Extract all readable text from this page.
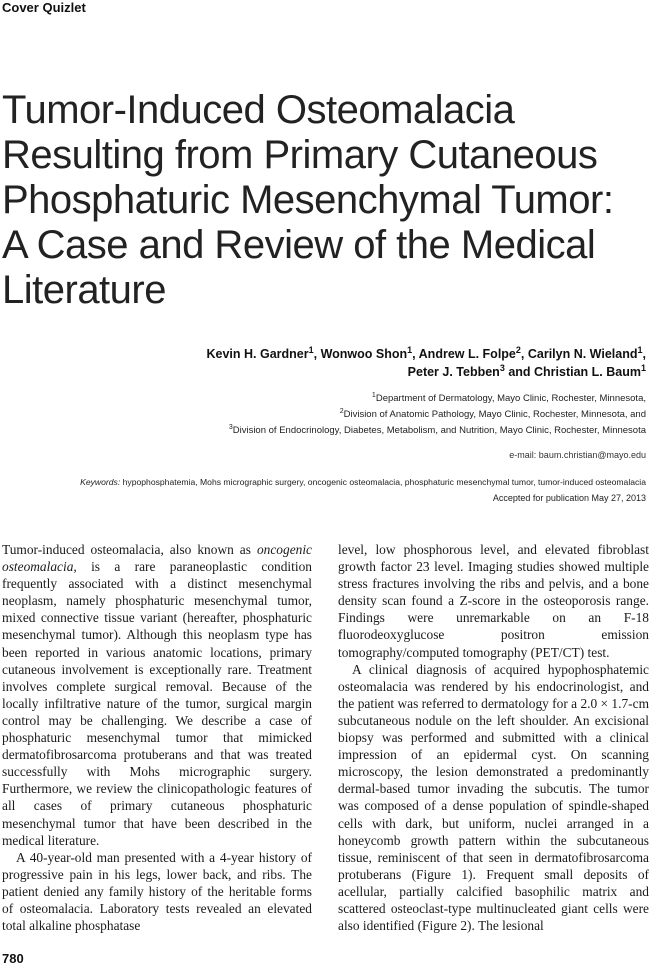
Cover Quizlet
Tumor-Induced Osteomalacia Resulting from Primary Cutaneous Phosphaturic Mesenchymal Tumor: A Case and Review of the Medical Literature
Kevin H. Gardner$^1$, Wonwoo Shon$^1$, Andrew L. Folpe$^2$, Carilyn N. Wieland$^1$,
Peter J. Tebben$^3$ and Christian L. Baum$^1$
$^1$Department of Dermatology, Mayo Clinic, Rochester, Minnesota,
$^2$Division of Anatomic Pathology, Mayo Clinic, Rochester, Minnesota, and
$^3$Division of Endocrinology, Diabetes, Metabolism, and Nutrition, Mayo Clinic, Rochester, Minnesota
e-mail: baum.christian@mayo.edu
Keywords: hypophosphatemia, Mohs micrographic surgery, oncogenic osteomalacia, phosphaturic mesenchymal tumor, tumor-induced osteomalacia
Accepted for publication May 27, 2013

Tumor-induced osteomalacia, also known as oncogenic osteomalacia, is a rare paraneoplastic condition frequently associated with a distinct mesenchymal neoplasm, namely phosphaturic mesenchymal tumor, mixed connective tissue variant (hereafter, phosphaturic mesenchymal tumor). Although this neoplasm type has been reported in various anatomic locations, primary cutaneous involvement is exceptionally rare. Treatment involves complete surgical removal. Because of the locally infiltrative nature of the tumor, surgical margin control may be challenging. We describe a case of phosphaturic mesenchymal tumor that mimicked dermatofibrosarcoma protuberans and that was treated successfully with Mohs micrographic surgery. Furthermore, we review the clinicopathologic features of all cases of primary cutaneous phosphaturic mesenchymal tumor that have been described in the medical literature.

A 40-year-old man presented with a 4-year history of progressive pain in his legs, lower back, and ribs. The patient denied any family history of the heritable forms of osteomalacia. Laboratory tests revealed an elevated total alkaline phosphatase

level, low phosphorous level, and elevated fibroblast growth factor 23 level. Imaging studies showed multiple stress fractures involving the ribs and pelvis, and a bone density scan found a Z-score in the osteoporosis range. Findings were unremarkable on an F-18 fluorodeoxyglucose positron emission tomography/computed tomography (PET/CT) test.

A clinical diagnosis of acquired hypophosphatemic osteomalacia was rendered by his endocrinologist, and the patient was referred to dermatology for a 2.0 × 1.7-cm subcutaneous nodule on the left shoulder. An excisional biopsy was performed and submitted with a clinical impression of an epidermal cyst. On scanning microscopy, the lesion demonstrated a predominantly dermal-based tumor invading the subcutis. The tumor was composed of a dense population of spindle-shaped cells with dark, but uniform, nuclei arranged in a honeycomb growth pattern within the subcutaneous tissue, reminiscent of that seen in dermatofibrosarcoma protuberans (Figure 1). Frequent small deposits of acellular, partially calcified basophilic matrix and scattered osteoclast-type multinucleated giant cells were also identified (Figure 2). The lesional

780
